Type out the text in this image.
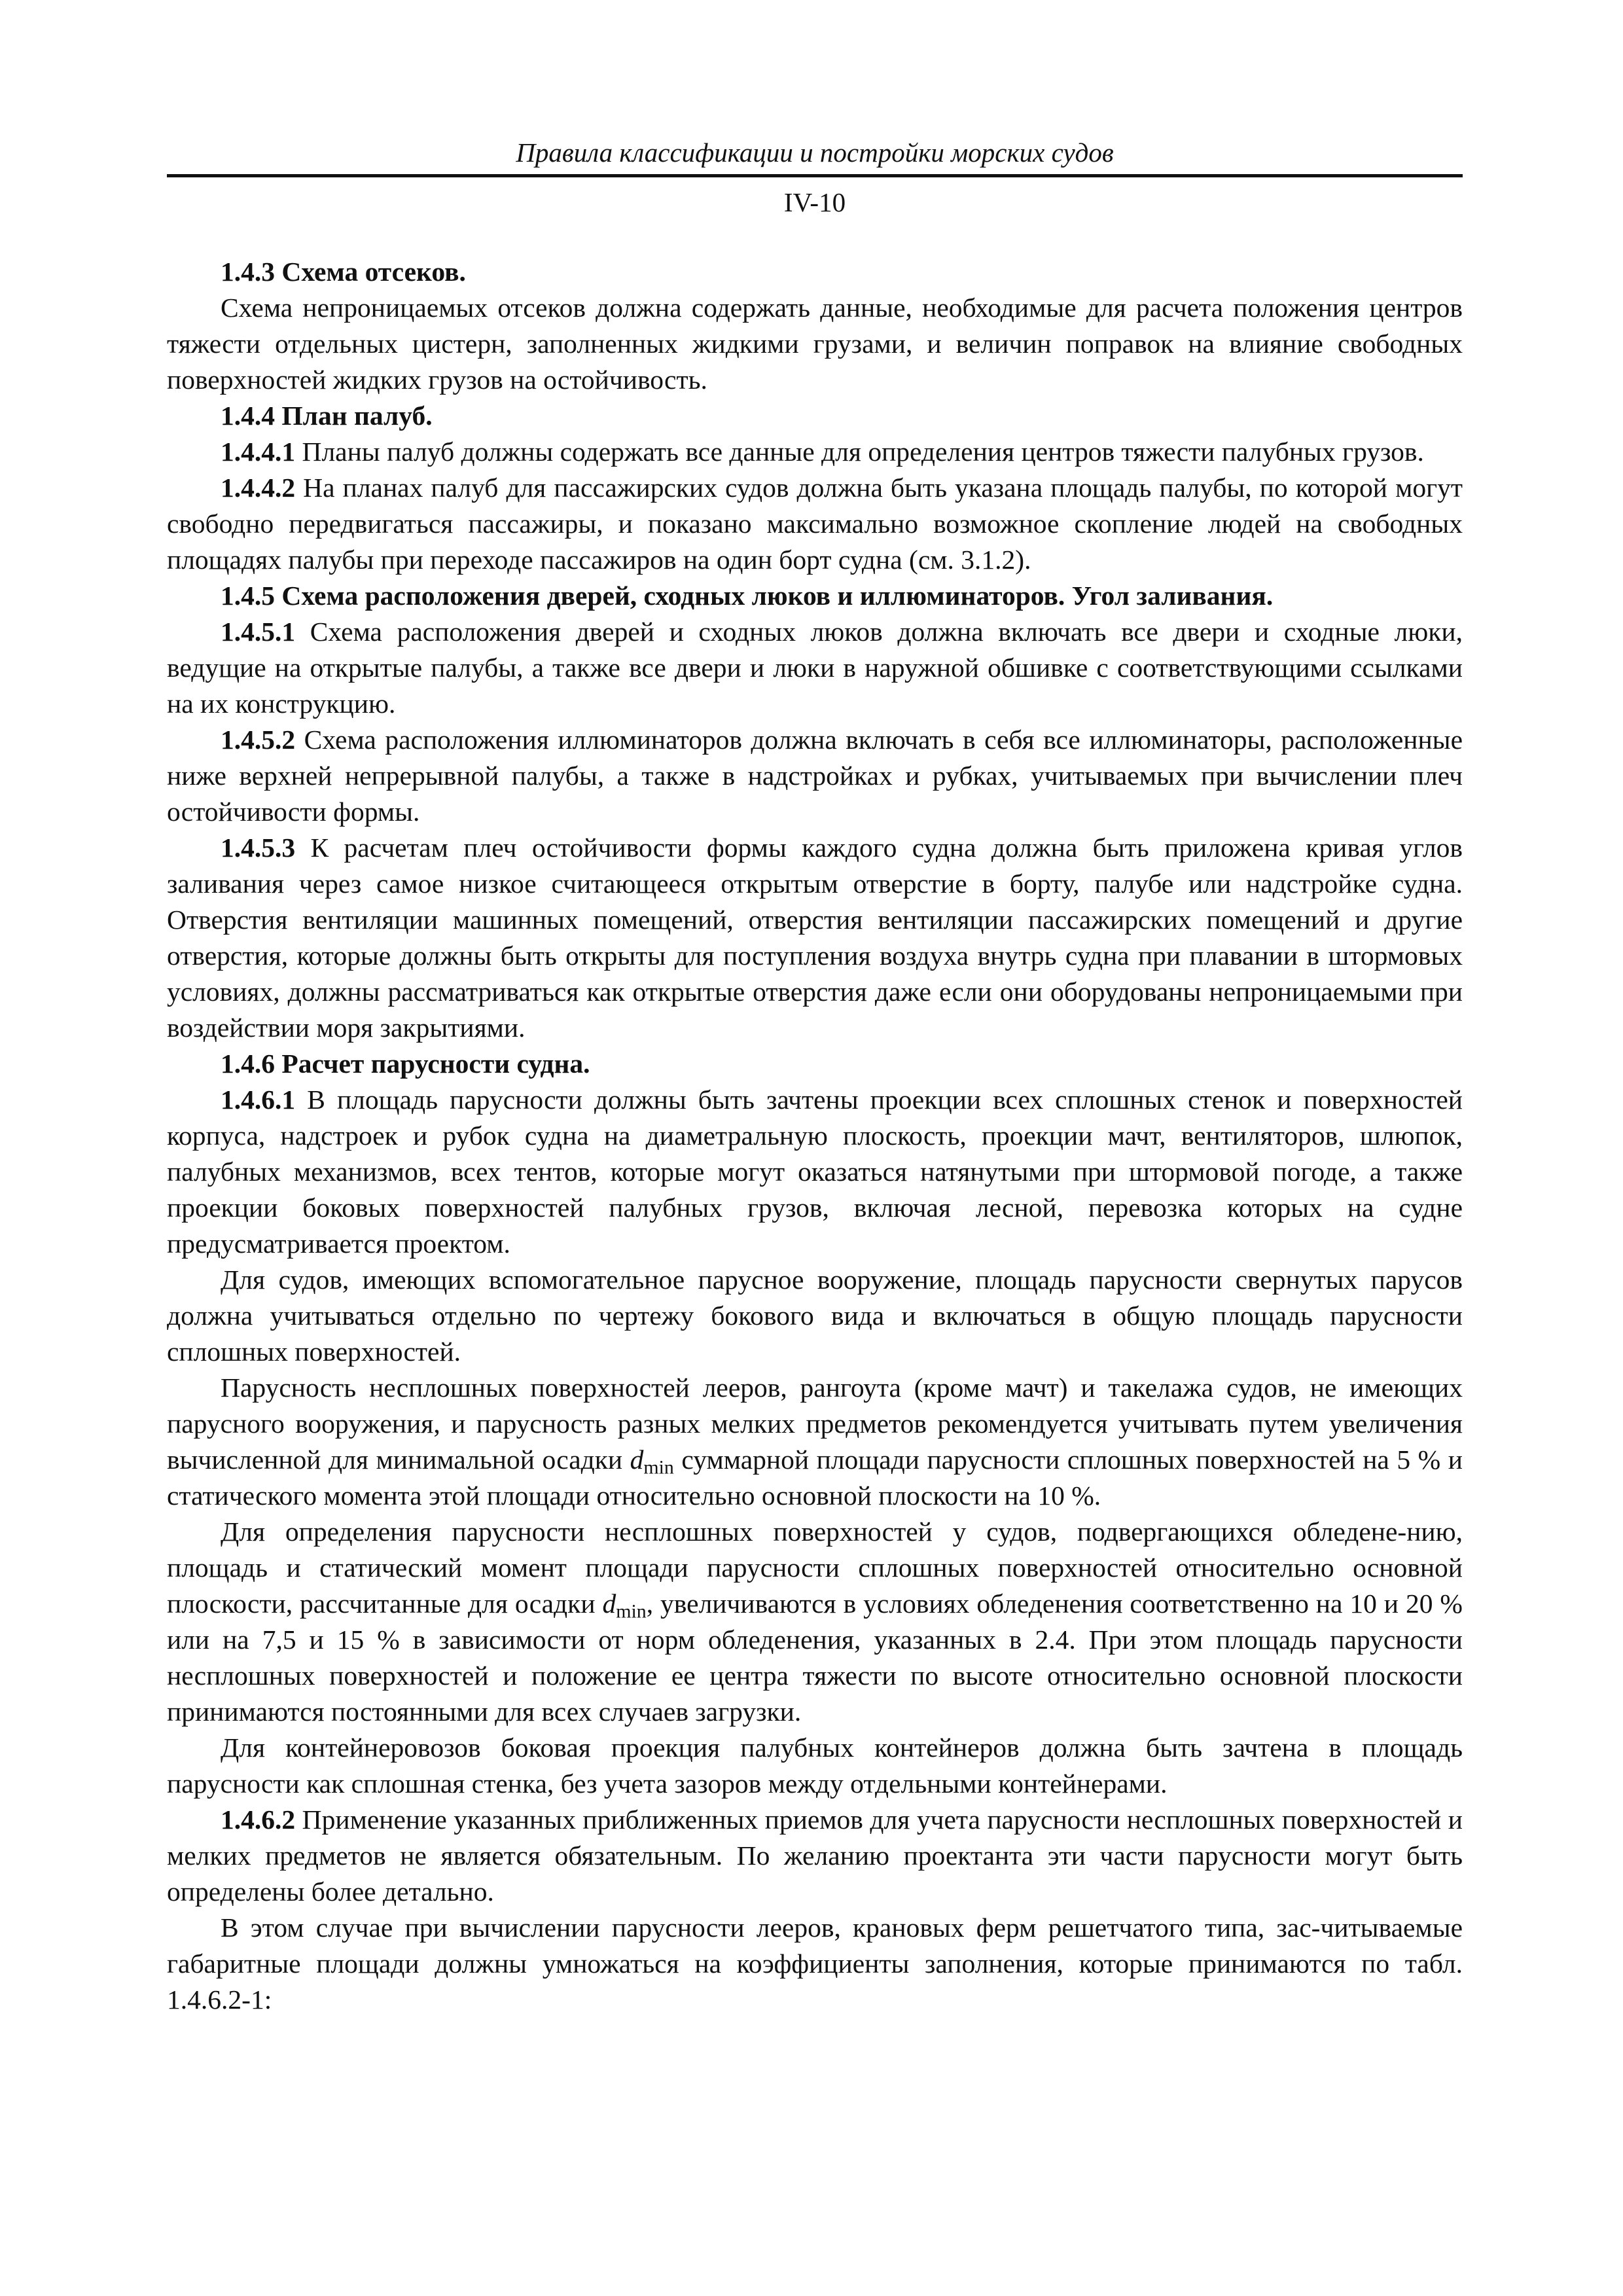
Правила классификации и постройки морских судов
IV-10

1.4.3 Схема отсеков.

Схема непроницаемых отсеков должна содержать данные, необходимые для расчета положения центров тяжести отдельных цистерн, заполненных жидкими грузами, и величин поправок на влияние свободных поверхностей жидких грузов на остойчивость.

1.4.4 План палуб.

1.4.4.1 Планы палуб должны содержать все данные для определения центров тяжести палубных грузов.

1.4.4.2 На планах палуб для пассажирских судов должна быть указана площадь палубы, по которой могут свободно передвигаться пассажиры, и показано максимально возможное скопление людей на свободных площадях палубы при переходе пассажиров на один борт судна (см. 3.1.2).

1.4.5 Схема расположения дверей, сходных люков и иллюминаторов. Угол заливания.

1.4.5.1 Схема расположения дверей и сходных люков должна включать все двери и сходные люки, ведущие на открытые палубы, а также все двери и люки в наружной обшивке с соответствующими ссылками на их конструкцию.

1.4.5.2 Схема расположения иллюминаторов должна включать в себя все иллюминаторы, расположенные ниже верхней непрерывной палубы, а также в надстройках и рубках, учитываемых при вычислении плеч остойчивости формы.

1.4.5.3 К расчетам плеч остойчивости формы каждого судна должна быть приложена кривая углов заливания через самое низкое считающееся открытым отверстие в борту, палубе или надстройке судна. Отверстия вентиляции машинных помещений, отверстия вентиляции пассажирских помещений и другие отверстия, которые должны быть открыты для поступления воздуха внутрь судна при плавании в штормовых условиях, должны рассматриваться как открытые отверстия даже если они оборудованы непроницаемыми при воздействии моря закрытиями.

1.4.6 Расчет парусности судна.

1.4.6.1 В площадь парусности должны быть зачтены проекции всех сплошных стенок и поверхностей корпуса, надстроек и рубок судна на диаметральную плоскость, проекции мачт, вентиляторов, шлюпок, палубных механизмов, всех тентов, которые могут оказаться натянутыми при штормовой погоде, а также проекции боковых поверхностей палубных грузов, включая лесной, перевозка которых на судне предусматривается проектом.

Для судов, имеющих вспомогательное парусное вооружение, площадь парусности свернутых парусов должна учитываться отдельно по чертежу бокового вида и включаться в общую площадь парусности сплошных поверхностей.

Парусность несплошных поверхностей лееров, рангоута (кроме мачт) и такелажа судов, не имеющих парусного вооружения, и парусность разных мелких предметов рекомендуется учитывать путем увеличения вычисленной для минимальной осадки $d_{min}$ суммарной площади парусности сплошных поверхностей на 5 % и статического момента этой площади относительно основной плоскости на 10 %.

Для определения парусности несплошных поверхностей у судов, подвергающихся обледене-нию, площадь и статический момент площади парусности сплошных поверхностей относительно основной плоскости, рассчитанные для осадки $d_{min}$, увеличиваются в условиях обледенения соответственно на 10 и 20 % или на 7,5 и 15 % в зависимости от норм обледенения, указанных в 2.4. При этом площадь парусности несплошных поверхностей и положение ее центра тяжести по высоте относительно основной плоскости принимаются постоянными для всех случаев загрузки.

Для контейнеровозов боковая проекция палубных контейнеров должна быть зачтена в площадь парусности как сплошная стенка, без учета зазоров между отдельными контейнерами.

1.4.6.2 Применение указанных приближенных приемов для учета парусности несплошных поверхностей и мелких предметов не является обязательным. По желанию проектанта эти части парусности могут быть определены более детально.

В этом случае при вычислении парусности лееров, крановых ферм решетчатого типа, зас-читываемые габаритные площади должны умножаться на коэффициенты заполнения, которые принимаются по табл. 1.4.6.2-1:
